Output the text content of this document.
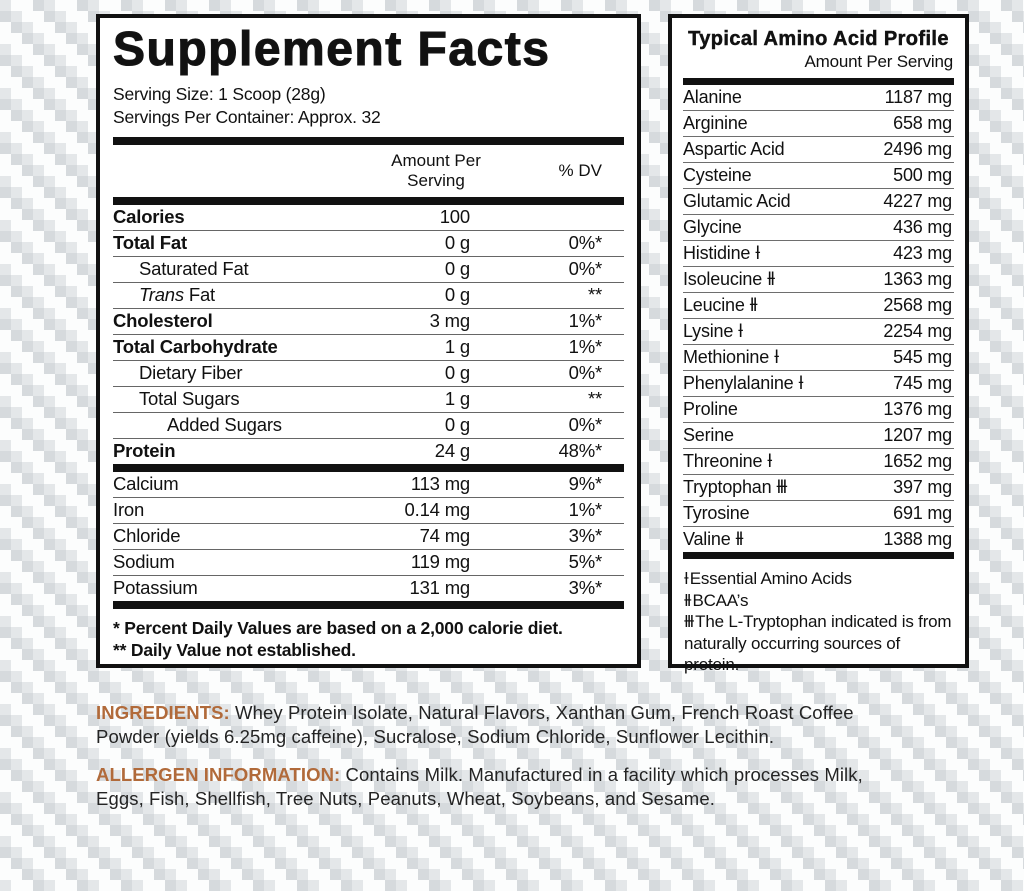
Supplement Facts
Serving Size: 1 Scoop (28g)
Servings Per Container: Approx. 32
Amount Per Serving
% DV
Calories	100
Total Fat	0 g	0%*
Saturated Fat	0 g	0%*
Trans Fat	0 g	**
Cholesterol	3 mg	1%*
Total Carbohydrate	1 g	1%*
Dietary Fiber	0 g	0%*
Total Sugars	1 g	**
Added Sugars	0 g	0%*
Protein	24 g	48%*
Calcium	113 mg	9%*
Iron	0.14 mg	1%*
Chloride	74 mg	3%*
Sodium	119 mg	5%*
Potassium	131 mg	3%*
* Percent Daily Values are based on a 2,000 calorie diet.
** Daily Value not established.
Typical Amino Acid Profile
Amount Per Serving
Alanine	1187 mg
Arginine	658 mg
Aspartic Acid	2496 mg
Cysteine	500 mg
Glutamic Acid	4227 mg
Glycine	436 mg
Histidine Ɨ	423 mg
Isoleucine ƗƗ	1363 mg
Leucine ƗƗ	2568 mg
Lysine Ɨ	2254 mg
Methionine Ɨ	545 mg
Phenylalanine Ɨ	745 mg
Proline	1376 mg
Serine	1207 mg
Threonine Ɨ	1652 mg
Tryptophan ƗƗƗ	397 mg
Tyrosine	691 mg
Valine ƗƗ	1388 mg
Ɨ Essential Amino Acids
ƗƗ BCAA’s
ƗƗƗ The L-Tryptophan indicated is from naturally occurring sources of protein.

INGREDIENTS: Whey Protein Isolate, Natural Flavors, Xanthan Gum, French Roast Coffee Powder (yields 6.25mg caffeine), Sucralose, Sodium Chloride, Sunflower Lecithin.

ALLERGEN INFORMATION: Contains Milk. Manufactured in a facility which processes Milk, Eggs, Fish, Shellfish, Tree Nuts, Peanuts, Wheat, Soybeans, and Sesame.
